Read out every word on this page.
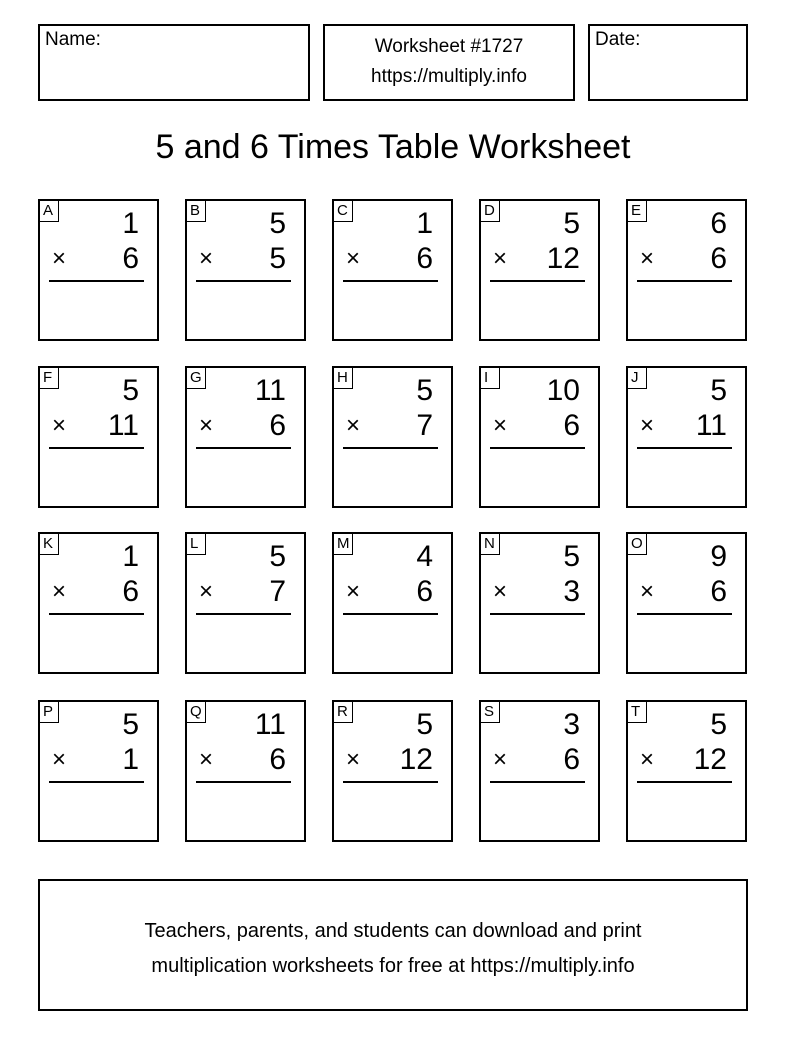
Name:	Worksheet #1727
https://multiply.info
Date:
5 and 6 Times Table Worksheet
A 1
× 6
B 5
× 5
C 1
× 6
D 5
× 12
E 6
× 6
F 5
× 11
G 11
× 6
H 5
× 7
I	10
× 6
J 5
× 11
K 1
× 6
L 5
× 7
M 4
× 6
N 5
× 3
O 9
× 6
P 5
× 1
Q 11
× 6
R 5
× 12
S 3
× 6
T 5
× 12
Teachers, parents, and students can download and print
multiplication worksheets for free at https://multiply.info
